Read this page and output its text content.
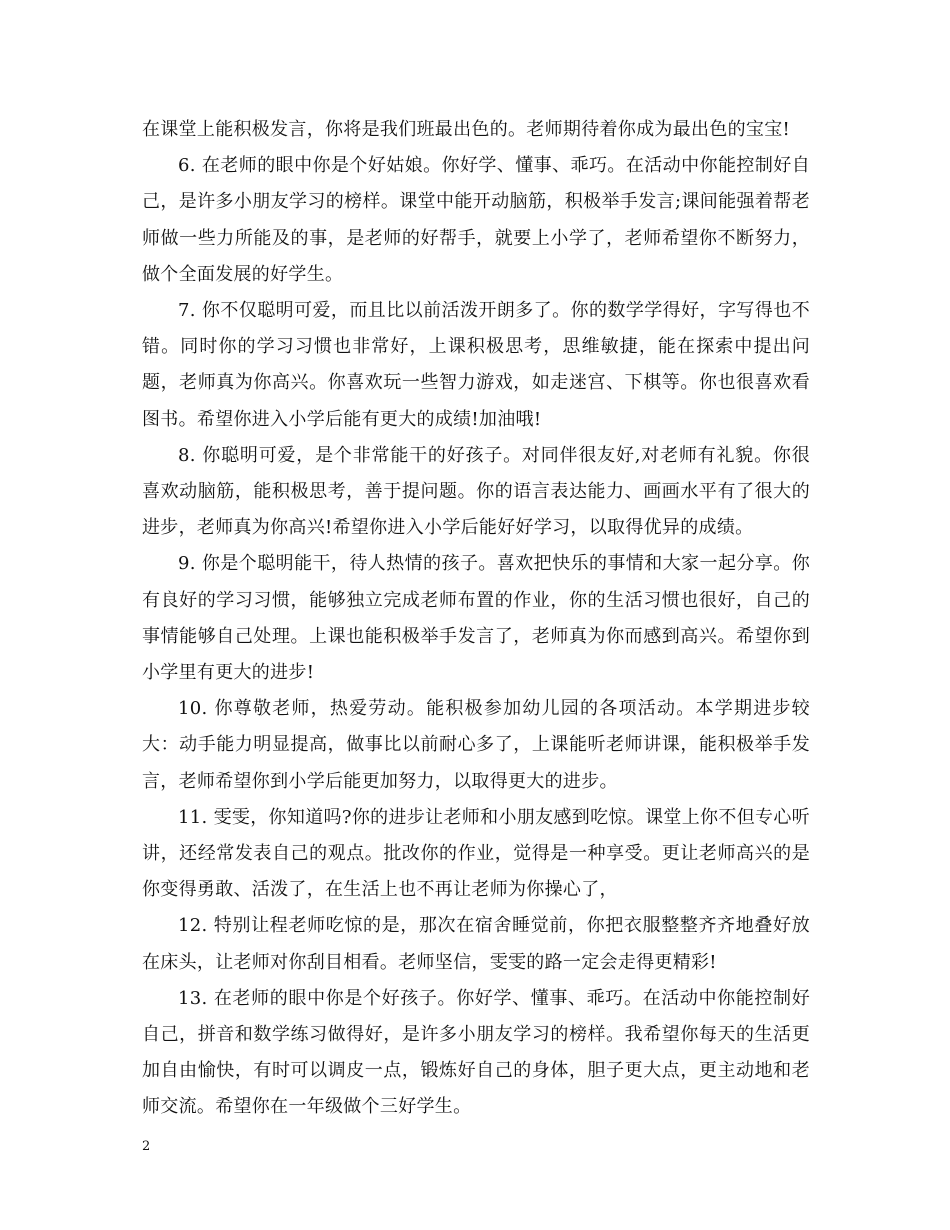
在课堂上能积极发言，你将是我们班最出色的。老师期待着你成为最出色的宝宝!

6. 在老师的眼中你是个好姑娘。你好学、懂事、乖巧。在活动中你能控制好自己，是许多小朋友学习的榜样。课堂中能开动脑筋，积极举手发言;课间能强着帮老师做一些力所能及的事，是老师的好帮手，就要上小学了，老师希望你不断努力，做个全面发展的好学生。

7. 你不仅聪明可爱，而且比以前活泼开朗多了。你的数学学得好，字写得也不错。同时你的学习习惯也非常好，上课积极思考，思维敏捷，能在探索中提出问题，老师真为你高兴。你喜欢玩一些智力游戏，如走迷宫、下棋等。你也很喜欢看图书。希望你进入小学后能有更大的成绩!加油哦!

8. 你聪明可爱，是个非常能干的好孩子。对同伴很友好,对老师有礼貌。你很喜欢动脑筋，能积极思考，善于提问题。你的语言表达能力、画画水平有了很大的进步，老师真为你高兴!希望你进入小学后能好好学习，以取得优异的成绩。

9. 你是个聪明能干，待人热情的孩子。喜欢把快乐的事情和大家一起分享。你有良好的学习习惯，能够独立完成老师布置的作业，你的生活习惯也很好，自己的事情能够自己处理。上课也能积极举手发言了，老师真为你而感到高兴。希望你到小学里有更大的进步!

10. 你尊敬老师，热爱劳动。能积极参加幼儿园的各项活动。本学期进步较大：动手能力明显提高，做事比以前耐心多了，上课能听老师讲课，能积极举手发言，老师希望你到小学后能更加努力，以取得更大的进步。

11. 雯雯，你知道吗?你的进步让老师和小朋友感到吃惊。课堂上你不但专心听讲，还经常发表自己的观点。批改你的作业，觉得是一种享受。更让老师高兴的是你变得勇敢、活泼了，在生活上也不再让老师为你操心了，

12. 特别让程老师吃惊的是，那次在宿舍睡觉前，你把衣服整整齐齐地叠好放在床头，让老师对你刮目相看。老师坚信，雯雯的路一定会走得更精彩!

13. 在老师的眼中你是个好孩子。你好学、懂事、乖巧。在活动中你能控制好自己，拼音和数学练习做得好，是许多小朋友学习的榜样。我希望你每天的生活更加自由愉快，有时可以调皮一点，锻炼好自己的身体，胆子更大点，更主动地和老师交流。希望你在一年级做个三好学生。

2
